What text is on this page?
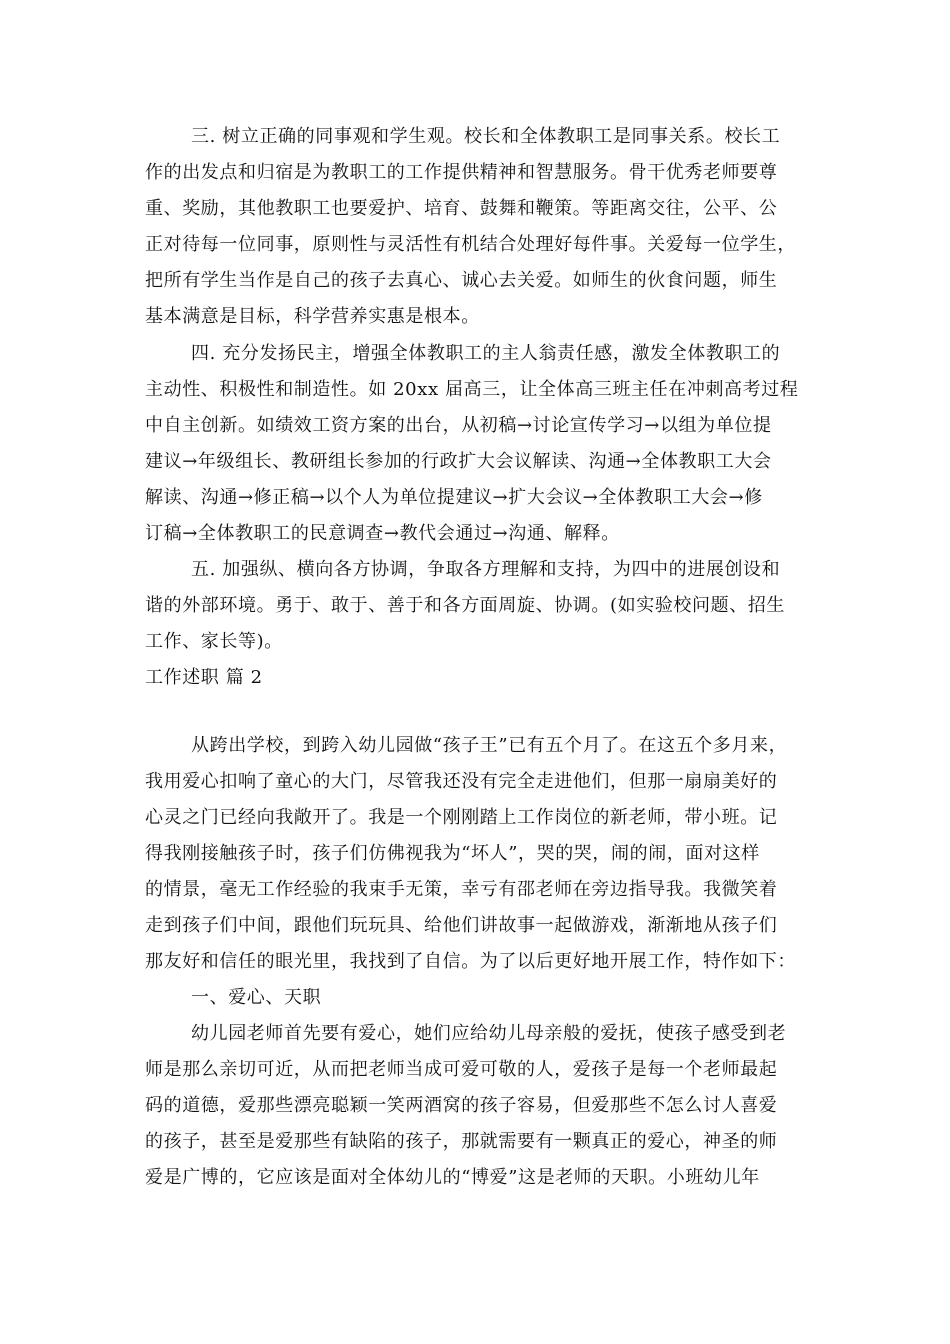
三. 树立正确的同事观和学生观。校长和全体教职工是同事关系。校长工
作的出发点和归宿是为教职工的工作提供精神和智慧服务。骨干优秀老师要尊
重、奖励，其他教职工也要爱护、培育、鼓舞和鞭策。等距离交往，公平、公
正对待每一位同事，原则性与灵活性有机结合处理好每件事。关爱每一位学生，
把所有学生当作是自己的孩子去真心、诚心去关爱。如师生的伙食问题，师生
基本满意是目标，科学营养实惠是根本。
四. 充分发扬民主，增强全体教职工的主人翁责任感，激发全体教职工的
主动性、积极性和制造性。如 20xx 届高三，让全体高三班主任在冲刺高考过程
中自主创新。如绩效工资方案的出台，从初稿→讨论宣传学习→以组为单位提
建议→年级组长、教研组长参加的行政扩大会议解读、沟通→全体教职工大会
解读、沟通→修正稿→以个人为单位提建议→扩大会议→全体教职工大会→修
订稿→全体教职工的民意调查→教代会通过→沟通、解释。
五. 加强纵、横向各方协调，争取各方理解和支持，为四中的进展创设和
谐的外部环境。勇于、敢于、善于和各方面周旋、协调。(如实验校问题、招生
工作、家长等)。
工作述职 篇 2
从跨出学校，到跨入幼儿园做“孩子王”已有五个月了。在这五个多月来，
我用爱心扣响了童心的大门，尽管我还没有完全走进他们，但那一扇扇美好的
心灵之门已经向我敞开了。我是一个刚刚踏上工作岗位的新老师，带小班。记
得我刚接触孩子时，孩子们仿佛视我为“坏人”，哭的哭，闹的闹，面对这样
的情景，毫无工作经验的我束手无策，幸亏有邵老师在旁边指导我。我微笑着
走到孩子们中间，跟他们玩玩具、给他们讲故事一起做游戏，渐渐地从孩子们
那友好和信任的眼光里，我找到了自信。为了以后更好地开展工作，特作如下：
一、爱心、天职
幼儿园老师首先要有爱心，她们应给幼儿母亲般的爱抚，使孩子感受到老
师是那么亲切可近，从而把老师当成可爱可敬的人，爱孩子是每一个老师最起
码的道德，爱那些漂亮聪颖一笑两酒窝的孩子容易，但爱那些不怎么讨人喜爱
的孩子，甚至是爱那些有缺陷的孩子，那就需要有一颗真正的爱心，神圣的师
爱是广博的，它应该是面对全体幼儿的“博爱”这是老师的天职。小班幼儿年
